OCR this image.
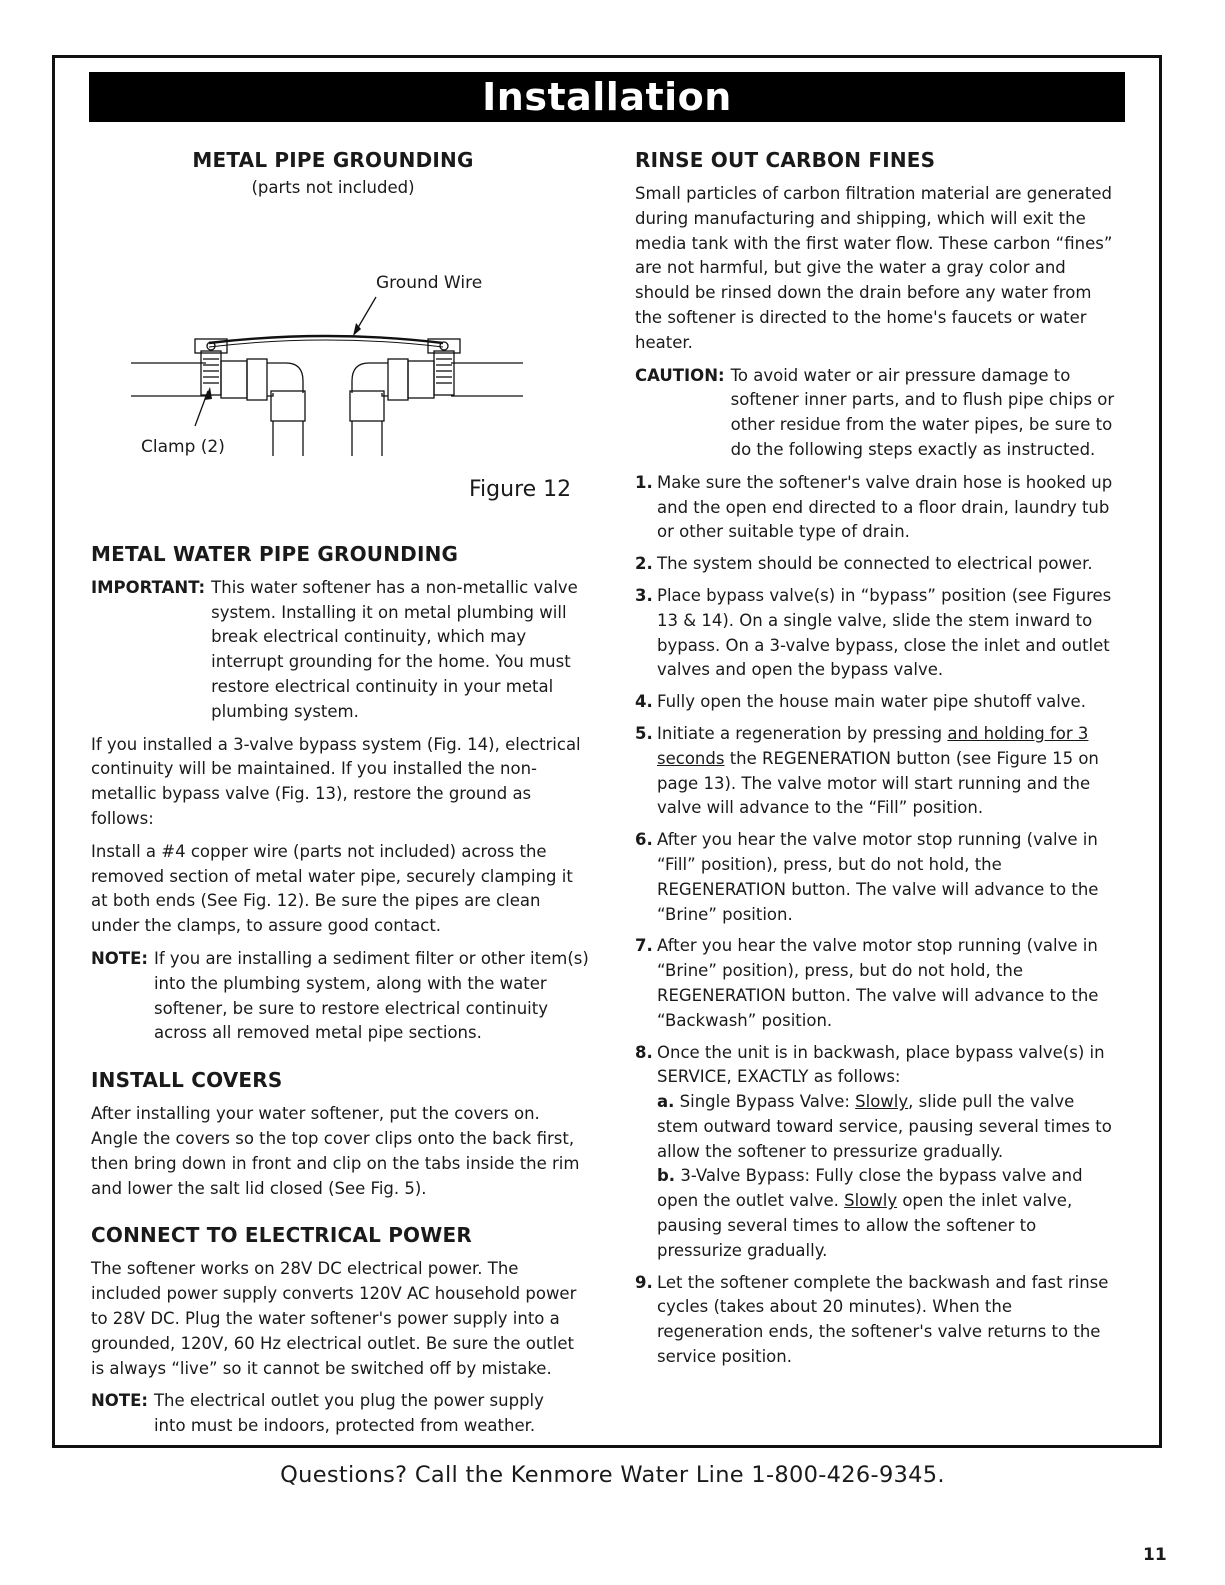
Installation
METAL PIPE GROUNDING

(parts not included)

Ground Wire
Clamp (2)
Figure 12
METAL WATER PIPE GROUNDING
IMPORTANT: This water softener has a non-metallic valve system. Installing it on metal plumbing will break electrical continuity, which may interrupt grounding for the home. You must restore electrical continuity in your metal plumbing system.

If you installed a 3-valve bypass system (Fig. 14), electrical continuity will be maintained. If you installed the non-metallic bypass valve (Fig. 13), restore the ground as follows:

Install a #4 copper wire (parts not included) across the removed section of metal water pipe, securely clamping it at both ends (See Fig. 12). Be sure the pipes are clean under the clamps, to assure good contact.

NOTE: If you are installing a sediment filter or other item(s) into the plumbing system, along with the water softener, be sure to restore electrical continuity across all removed metal pipe sections.
INSTALL COVERS

After installing your water softener, put the covers on. Angle the covers so the top cover clips onto the back first, then bring down in front and clip on the tabs inside the rim and lower the salt lid closed (See Fig. 5).

CONNECT TO ELECTRICAL POWER

The softener works on 28V DC electrical power. The included power supply converts 120V AC household power to 28V DC. Plug the water softener's power supply into a grounded, 120V, 60 Hz electrical outlet. Be sure the outlet is always “live” so it cannot be switched off by mistake.

NOTE: The electrical outlet you plug the power supply into must be indoors, protected from weather.
RINSE OUT CARBON FINES

Small particles of carbon filtration material are generated during manufacturing and shipping, which will exit the media tank with the first water flow. These carbon “fines” are not harmful, but give the water a gray color and should be rinsed down the drain before any water from the softener is directed to the home's faucets or water heater.

CAUTION: To avoid water or air pressure damage to softener inner parts, and to flush pipe chips or other residue from the water pipes, be sure to do the following steps exactly as instructed.
1. Make sure the softener's valve drain hose is hooked up and the open end directed to a floor drain, laundry tub or other suitable type of drain.
2. The system should be connected to electrical power.
3. Place bypass valve(s) in “bypass” position (see Figures 13 & 14). On a single valve, slide the stem inward to bypass. On a 3-valve bypass, close the inlet and outlet valves and open the bypass valve.
4. Fully open the house main water pipe shutoff valve.
5. Initiate a regeneration by pressing and holding for 3 seconds the REGENERATION button (see Figure 15 on page 13). The valve motor will start running and the valve will advance to the “Fill” position.
6. After you hear the valve motor stop running (valve in “Fill” position), press, but do not hold, the REGENERATION button. The valve will advance to the “Brine” position.
7. After you hear the valve motor stop running (valve in “Brine” position), press, but do not hold, the REGENERATION button. The valve will advance to the “Backwash” position.
8. Once the unit is in backwash, place bypass valve(s) in SERVICE, EXACTLY as follows:
a. Single Bypass Valve: Slowly, slide pull the valve stem outward toward service, pausing several times to allow the softener to pressurize gradually.
b. 3-Valve Bypass: Fully close the bypass valve and open the outlet valve. Slowly open the inlet valve, pausing several times to allow the softener to pressurize gradually.
9. Let the softener complete the backwash and fast rinse cycles (takes about 20 minutes). When the regeneration ends, the softener's valve returns to the service position.
Questions? Call the Kenmore Water Line 1-800-426-9345.
11
